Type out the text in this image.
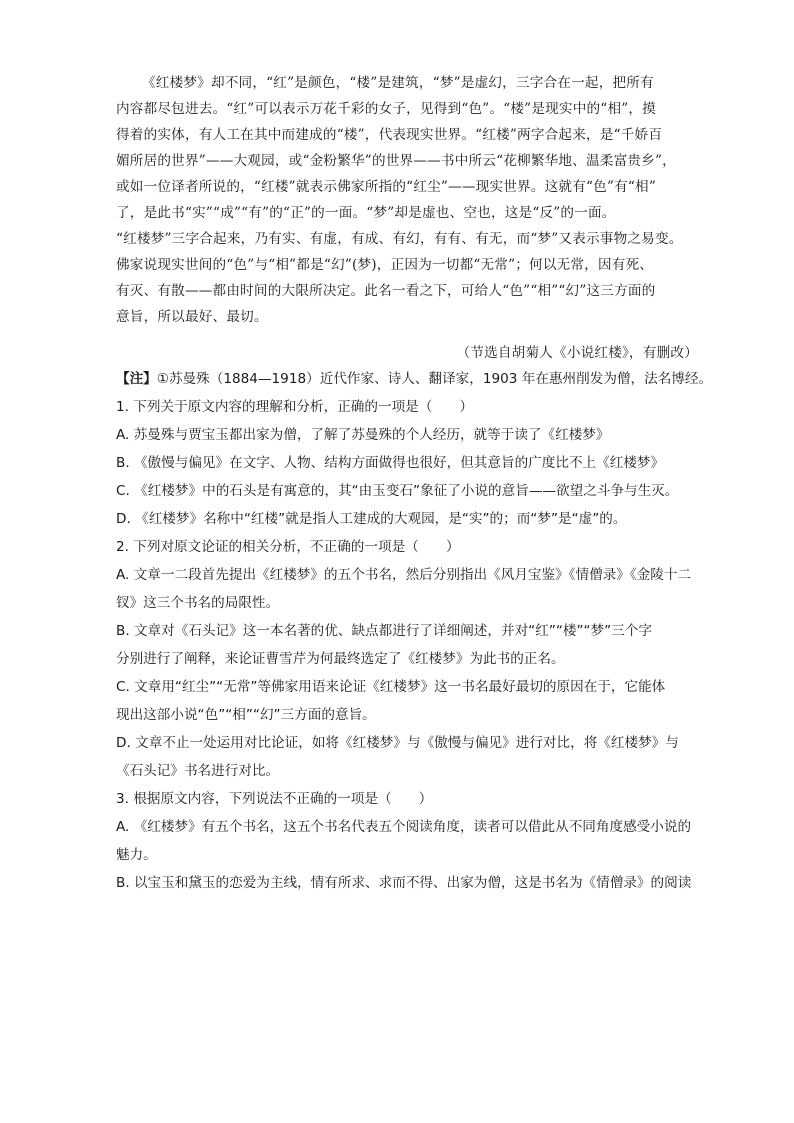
《红楼梦》却不同，“红”是颜色，“楼”是建筑，“梦”是虚幻，三字合在一起，把所有
内容都尽包进去。“红”可以表示万花千彩的女子，见得到“色”。“楼”是现实中的“相”，摸
得着的实体，有人工在其中而建成的“楼”，代表现实世界。“红楼”两字合起来，是“千娇百
媚所居的世界”——大观园，或“金粉繁华”的世界——书中所云“花柳繁华地、温柔富贵乡”，
或如一位译者所说的，“红楼”就表示佛家所指的“红尘”——现实世界。这就有“色”有“相”
了，是此书“实”“成”“有”的“正”的一面。“梦”却是虚也、空也，这是“反”的一面。
“红楼梦”三字合起来，乃有实、有虚，有成、有幻，有有、有无，而“梦”又表示事物之易变。
佛家说现实世间的“色”与“相”都是“幻”(梦)，正因为一切都“无常”；何以无常，因有死、
有灭、有散——都由时间的大限所决定。此名一看之下，可给人“色”“相”“幻”这三方面的
意旨，所以最好、最切。
（节选自胡菊人《小说红楼》，有删改）
【注】①苏曼殊（1884—1918）近代作家、诗人、翻译家，1903 年在惠州削发为僧，法名博经。
1. 下列关于原文内容的理解和分析，正确的一项是（　　）
A. 苏曼殊与贾宝玉都出家为僧，了解了苏曼殊的个人经历，就等于读了《红楼梦》
B. 《傲慢与偏见》在文字、人物、结构方面做得也很好，但其意旨的广度比不上《红楼梦》
C. 《红楼梦》中的石头是有寓意的，其“由玉变石”象征了小说的意旨——欲望之斗争与生灭。
D. 《红楼梦》名称中“红楼”就是指人工建成的大观园，是“实”的；而“梦”是“虚”的。
2. 下列对原文论证的相关分析，不正确的一项是（　　）
A. 文章一二段首先提出《红楼梦》的五个书名，然后分别指出《风月宝鉴》《情僧录》《金陵十二
钗》这三个书名的局限性。
B. 文章对《石头记》这一本名著的优、缺点都进行了详细阐述，并对“红”“楼”“梦”三个字
分别进行了阐释，来论证曹雪芹为何最终选定了《红楼梦》为此书的正名。
C. 文章用“红尘”“无常”等佛家用语来论证《红楼梦》这一书名最好最切的原因在于，它能体
现出这部小说“色”“相”“幻”三方面的意旨。
D. 文章不止一处运用对比论证，如将《红楼梦》与《傲慢与偏见》进行对比，将《红楼梦》与
《石头记》书名进行对比。
3. 根据原文内容，下列说法不正确的一项是（　　）
A. 《红楼梦》有五个书名，这五个书名代表五个阅读角度，读者可以借此从不同角度感受小说的
魅力。
B. 以宝玉和黛玉的恋爱为主线，情有所求、求而不得、出家为僧，这是书名为《情僧录》的阅读
